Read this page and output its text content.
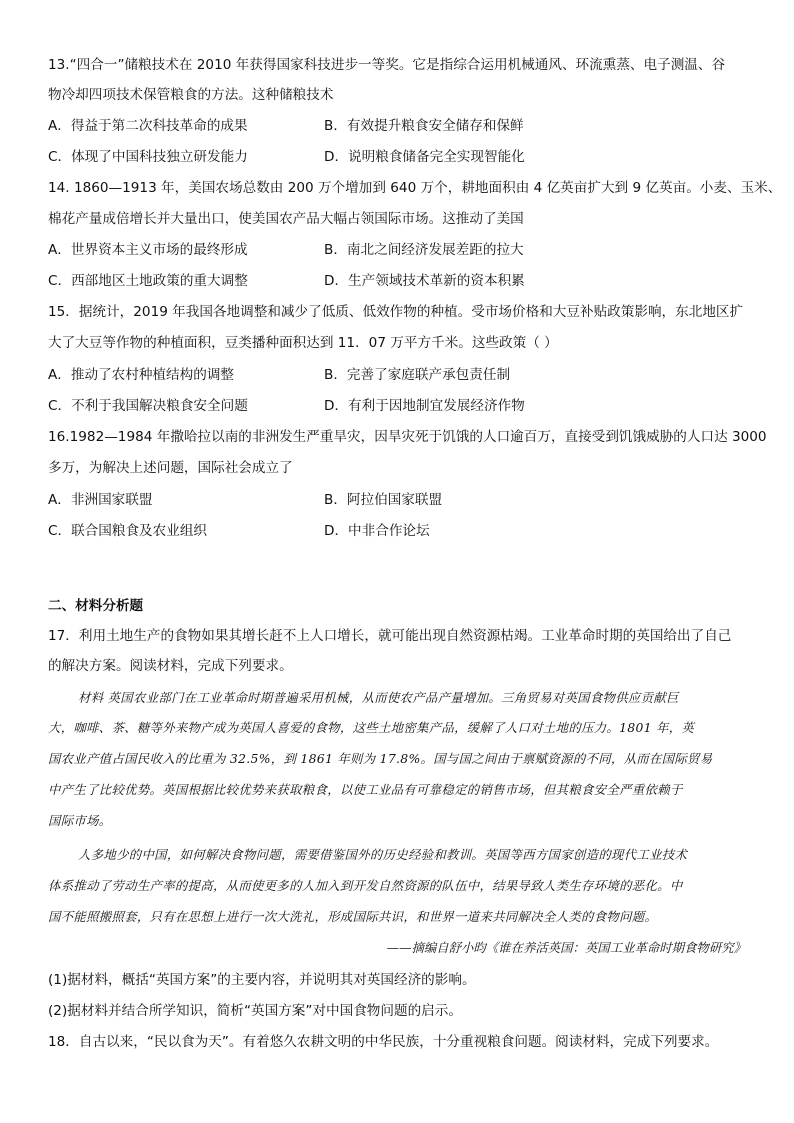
13.“四合一”储粮技术在 2010 年获得国家科技进步一等奖。它是指综合运用机械通风、环流熏蒸、电子测温、谷
物冷却四项技术保管粮食的方法。这种储粮技术
A．得益于第二次科技革命的成果	B．有效提升粮食安全储存和保鲜
C．体现了中国科技独立研发能力	D．说明粮食储备完全实现智能化
14. 1860—1913 年，美国农场总数由 200 万个增加到 640 万个，耕地面积由 4 亿英亩扩大到 9 亿英亩。小麦、玉米、
棉花产量成倍增长并大量出口，使美国农产品大幅占领国际市场。这推动了美国
A．世界资本主义市场的最终形成	B．南北之间经济发展差距的拉大
C．西部地区土地政策的重大调整	D．生产领域技术革新的资本积累
15．据统计，2019 年我国各地调整和减少了低质、低效作物的种植。受市场价格和大豆补贴政策影响，东北地区扩
大了大豆等作物的种植面积，豆类播种面积达到 11．07 万平方千米。这些政策（ ）
A．推动了农村种植结构的调整	B．完善了家庭联产承包责任制
C．不利于我国解决粮食安全问题	D．有利于因地制宜发展经济作物
16.1982—1984 年撒哈拉以南的非洲发生严重旱灾，因旱灾死于饥饿的人口逾百万，直接受到饥饿威胁的人口达 3000
多万，为解决上述问题，国际社会成立了
A．非洲国家联盟	B．阿拉伯国家联盟
C．联合国粮食及农业组织	D．中非合作论坛
二、材料分析题
17．利用土地生产的食物如果其增长赶不上人口增长，就可能出现自然资源枯竭。工业革命时期的英国给出了自己
的解决方案。阅读材料，完成下列要求。
材料 英国农业部门在工业革命时期普遍采用机械，从而使农产品产量增加。三角贸易对英国食物供应贡献巨
大，咖啡、茶、糖等外来物产成为英国人喜爱的食物，这些土地密集产品，缓解了人口对土地的压力。1801 年，英
国农业产值占国民收入的比重为 32.5%，到 1861 年则为 17.8%。国与国之间由于禀赋资源的不同，从而在国际贸易
中产生了比较优势。英国根据比较优势来获取粮食，以使工业品有可靠稳定的销售市场，但其粮食安全严重依赖于
国际市场。
人多地少的中国，如何解决食物问题，需要借鉴国外的历史经验和教训。英国等西方国家创造的现代工业技术
体系推动了劳动生产率的提高，从而使更多的人加入到开发自然资源的队伍中，结果导致人类生存环境的恶化。中
国不能照搬照套，只有在思想上进行一次大洗礼，形成国际共识，和世界一道来共同解决全人类的食物问题。
——摘编自舒小昀《谁在养活英国：英国工业革命时期食物研究》
(1)据材料，概括“英国方案”的主要内容，并说明其对英国经济的影响。
(2)据材料并结合所学知识，简析“英国方案”对中国食物问题的启示。
18．自古以来，“民以食为天”。有着悠久农耕文明的中华民族，十分重视粮食问题。阅读材料，完成下列要求。
